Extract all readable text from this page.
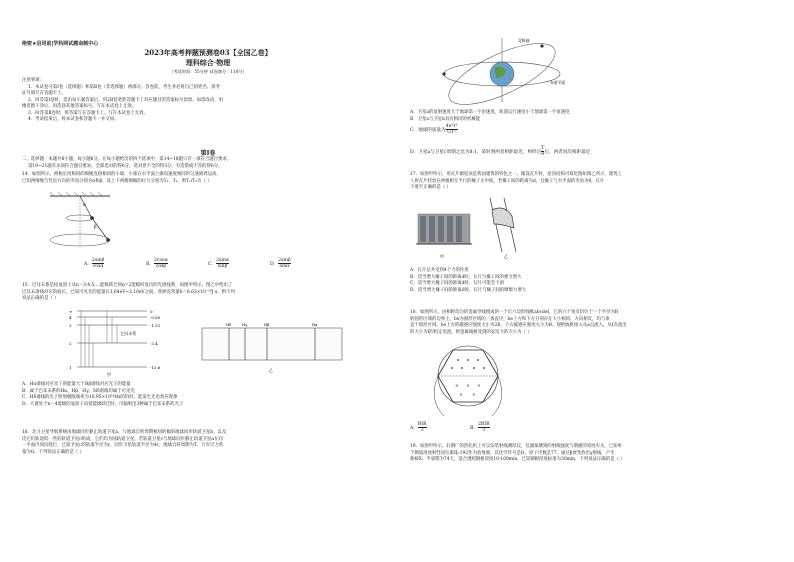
绝密★启用前|学科网试题命制中心
2023年高考押题预测卷03【全国乙卷】
理科综合·物理
（考试时间：55分钟 试卷满分：110分）

注意事项：

1．本试卷分第Ⅰ卷（选择题）和第Ⅱ卷（非选择题）两部分。答卷前，考生务必将自己的姓名、准考

证号填写在答题卡上。

2．回答第Ⅰ卷时，选出每小题答案后，用2B铅笔把答题卡上对应题目的答案标号涂黑。如需改动，用

橡皮擦干净后，再选涂其他答案标号。写在本试卷上无效。

3．回答第Ⅱ卷时，将答案写在答题卡上。写在本试卷上无效。

4．考试结束后，将本试卷和答题卡一并交回。

第Ⅰ卷

二、选择题：本题共8小题，每小题6分。在每小题给出的四个选项中，第14~18题只有一项符合题目要求，

第19~21题有多项符合题目要求。全部选对的得6分，选对但不全的得3分，有选错或不答的得0分。

14．如图所示，两根长度相同的细绳连接相同的小球，小球在水平面上做角速度相同的匀速圆周运动，

已知两细绳与竖直方向的夹角分别为α和β，设上下两根细绳的拉力分别为T₁、T₂，则T₁/T₂为（ ）

α
β
A． $\frac{2\sin\beta}{\cos\alpha}$	B． $\frac{2\cos\alpha}{\cos\beta}$	C． $\frac{2\sin\alpha}{\sin\beta}$	D． $\frac{2\sin\beta}{\sin\alpha}$

15．巴耳末系是指氢原子从n＝3,4,5,…能级跃迁到n=2能级时发出的光谱线系，如图甲所示。图乙中给出了

巴耳末谱线对应的波长，已知可见光的能量在1.64eV~3.10eV之间，普朗克常量h＝6.63×10⁻³⁴J·s，则下列

说法正确的是（ ）

∞
4
3
2
1
0
-0.85
-1.51
-3.4
-13.6
巴耳末系
甲
Hδ	Hγ	Hβ	Hα
乙

A．Hα谱线对应光子的能量大于Hβ谱线对应光子的能量

B．属于巴耳末系的Hα、Hβ、Hγ、Hδ谱线均属于可见光

C．Hδ谱线的光子照射极限频率为10.95×10¹⁴Hz的钨时，能发生光电效应现象

D．大量处于n＝4能级的氢原子向低能级跃迁时，可辐射出3种属于巴耳末系的光子

16．北斗卫星导航系统由地球同步静止轨道卫星a、与地球自转周期相同的倾斜地球同步轨道卫星b，以及

比它们轨道低一些的轨道卫星c组成，它们均为圆轨道卫星。若轨道卫星c与地球同步静止轨道卫星a在同

一平面内同向绕行，已知卫星c的轨道半径为r，同步卫星轨道半径为4r，地球自转周期为T，万有引力常

量为G，下列说法正确的是（ ）

北极轴
赤道平面

A．卫星a的发射速度大于地球第一宇宙速度，轨道运行速度小于地球第一宇宙速度

B．卫星a与卫星b具有相同的机械能

C．地球的质量为 $\frac{\text{4π²r³}}{\text{GT²}}$
D．卫星a与卫星c周期之比为8:1，某时刻两者相距最近，则经过 $\frac{T}{8}$ 后，两者再次相距最近

17．如图甲所示，用瓦片做屋顶是我国建筑的特色之一。铺设瓦片时，屋顶结构可简化图如图乙所示，建筑工

人将瓦片轻放在两根相互平行的椽子正中间，若椽子间的距离为d，且椽子与水平面的夹角为θ，瓦片

下滑至正确的是（ ）

甲	乙

A．瓦片总共受到4个力的作用

B．适当增大椽子间的距离d时，瓦片与椽子间的弹力增大

C．适当增大椽子间的距离d时，瓦片可能会下滑

D．适当增大椽子间的距离d时，瓦片与椽子间的摩擦力增大

18．如图所示，由相距均匀的金属导线围成的一个正六边形线框abcdef，它的六个顶点均位于一个半径为R

的圆形区域的边界上，be为圆形区域的一条直径，be上方和下方分别存在大小相同、方向相反，均与垂

直于圆形区域。be上方的磁感应强度大小为2B，下方磁感应强度大小为B。现给线框接入从a点流入、从f点流出

的大小为I的恒定电流，则金属线框受到的安培力的大小为（ ）

× × ×
× ×
A． $\frac{\text{BIR}}{3}$	B． $\frac{\text{2BIR}}{3}$

19．如图甲所示，轧钢厂的热轧机上可以安装射线测厚仪，仪器探测到的射线强度与钢板的厚度有关，已知单

个钢质用放射性同位素铱-192作为放射源，其化学符号是Ir，原子序数是77，通过β衰变放出γ射线，产生

新核X，半衰期为74天，适合透照钢板厚度10-100mm，已知钢板厚度标准为30mm，下列说法正确的是（ ）
